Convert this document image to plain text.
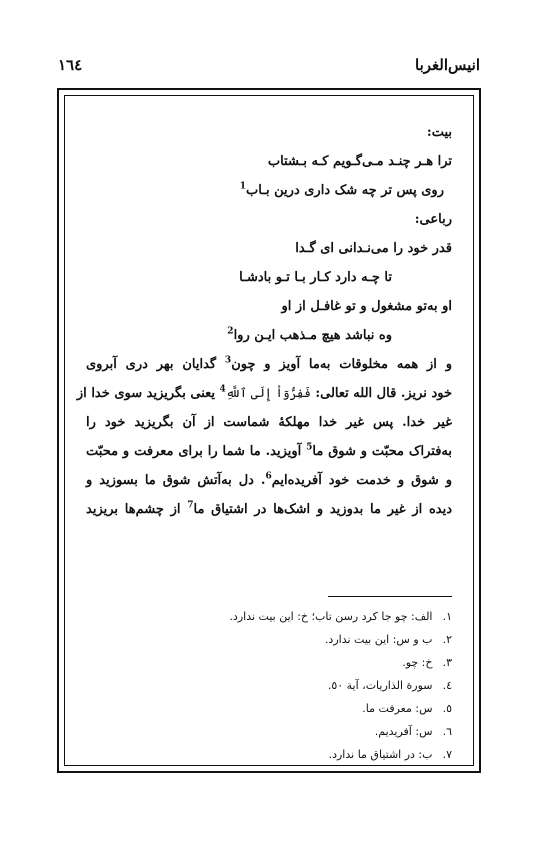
انیس‌الغربا
١٦٤
بیت:
ترا هـر چنـد مـی‌گـویم کـه بـشتاب
روی پس تر چه شک داری درین بـاب$^1$
رباعی:
قدر خود را می‌نـدانی ای گـدا
تا چـه دارد کـار بـا تـو بادشـا
او به‌تو مشغول و تو غافـل از او
وه نباشد هیچ مـذهب ایـن روا$^2$
و از همه مخلوقات به‌ما آویز و چون$^3$ گدایان بهر دری آبروی
خود نریز. قال الله تعالی: فَفِرُّوٓاْ إِلَى ٱللَّهِ$^4$ یعنی بگریزید سوی خدا از
غیر خدا. پس غیر خدا مهلکهٔ شماست از آن بگریزید خود را
به‌فتراک محبّت و شوق ما$^5$ آویزید. ما شما را برای معرفت و محبّت
و شوق و خدمت خود آفریده‌ایم$^6$. دل به‌آتش شوق ما بسوزید و
دیده از غیر ما بدوزید و اشک‌ها در اشتیاق ما$^7$ از چشم‌ها بریزید
١. الف: چو جا کرد رسن تاب؛ خ: این بیت ندارد.
٢. ب و س: این بیت ندارد.
٣. خ: چو.
٤. سورة الذاریات، آیة ٥٠.
٥. س: معرفت ما.
٦. س: آفریدیم.
٧. ب: در اشتیاق ما ندارد.
